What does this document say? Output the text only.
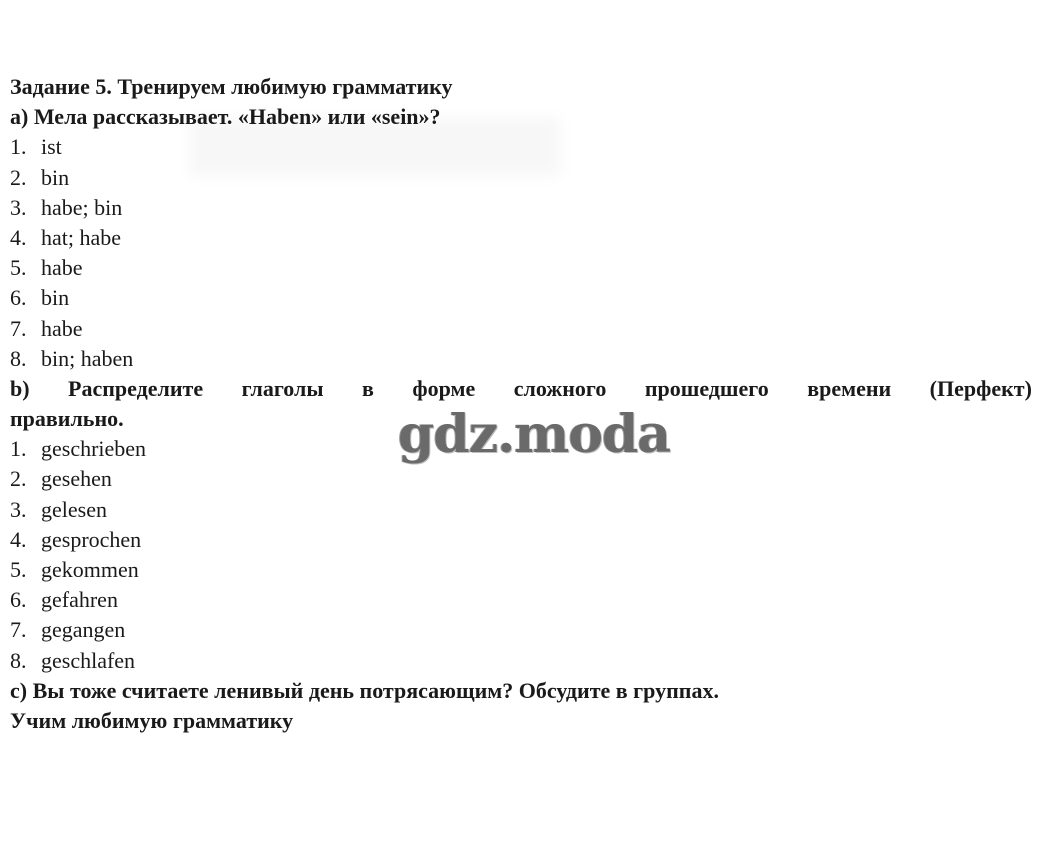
Задание 5. Тренируем любимую грамматику
a) Мела рассказывает. «Haben» или «sein»?
1. ist
2. bin
3. habe; bin
4. hat; habe
5. habe
6. bin
7. habe
8. bin; haben
b) Распределите глаголы в форме сложного прошедшего времени (Перфект)
правильно.
1. geschrieben
2. gesehen
3. gelesen
4. gesprochen
5. gekommen
6. gefahren
7. gegangen
8. geschlafen
c) Вы тоже считаете ленивый день потрясающим? Обсудите в группах.
Учим любимую грамматику
gdz.moda
